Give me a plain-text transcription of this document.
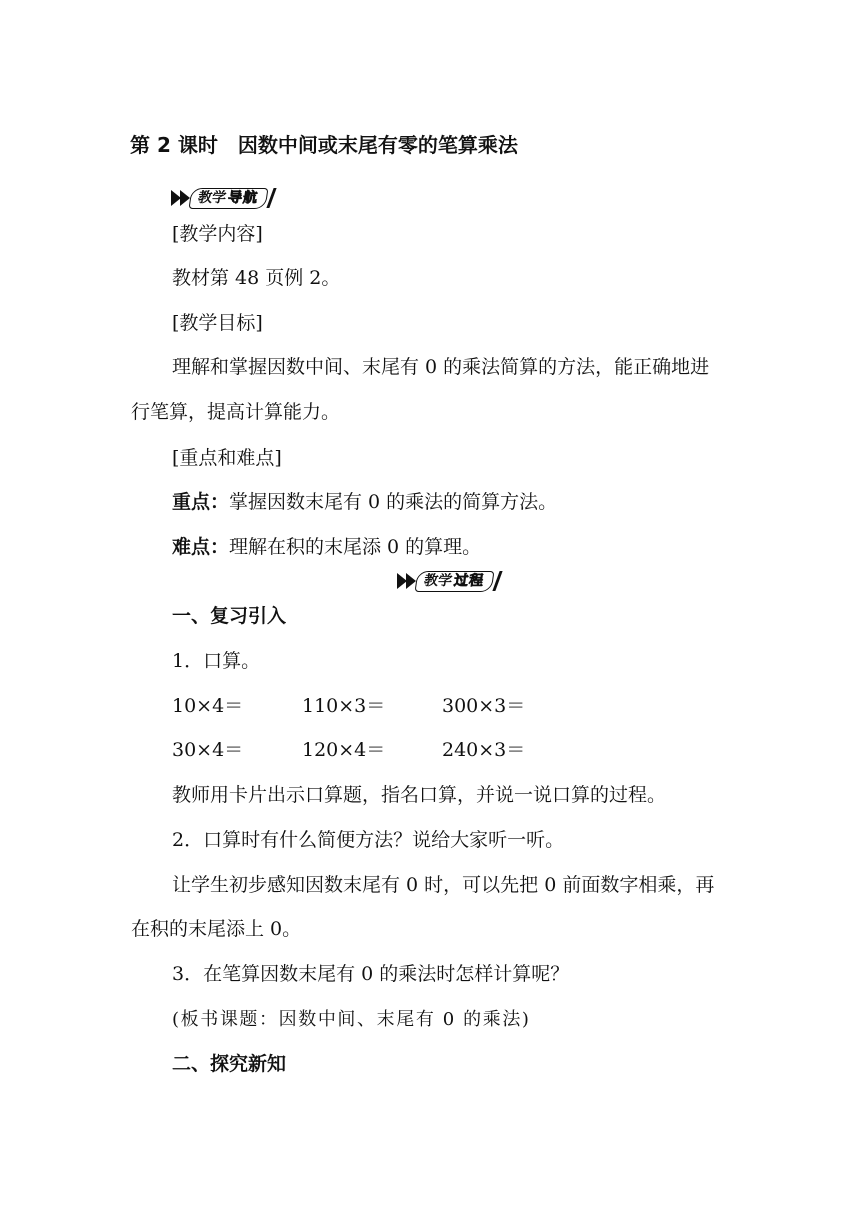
第 2 课时　因数中间或末尾有零的笔算乘法
教学 导航
[教学内容]
教材第 48 页例 2。
[教学目标]
理解和掌握因数中间、末尾有 0 的乘法简算的方法，能正确地进
行笔算，提高计算能力。
[重点和难点]
重点：掌握因数末尾有 0 的乘法的简算方法。
难点：理解在积的末尾添 0 的算理。
教学 过程
一、复习引入
1．口算。
10×4＝	110×3＝	300×3＝
30×4＝	120×4＝	240×3＝
教师用卡片出示口算题，指名口算，并说一说口算的过程。
2．口算时有什么简便方法？说给大家听一听。
让学生初步感知因数末尾有 0 时，可以先把 0 前面数字相乘，再
在积的末尾添上 0。
3．在笔算因数末尾有 0 的乘法时怎样计算呢？
(板书课题：因数中间、末尾有 0 的乘法)
二、探究新知
